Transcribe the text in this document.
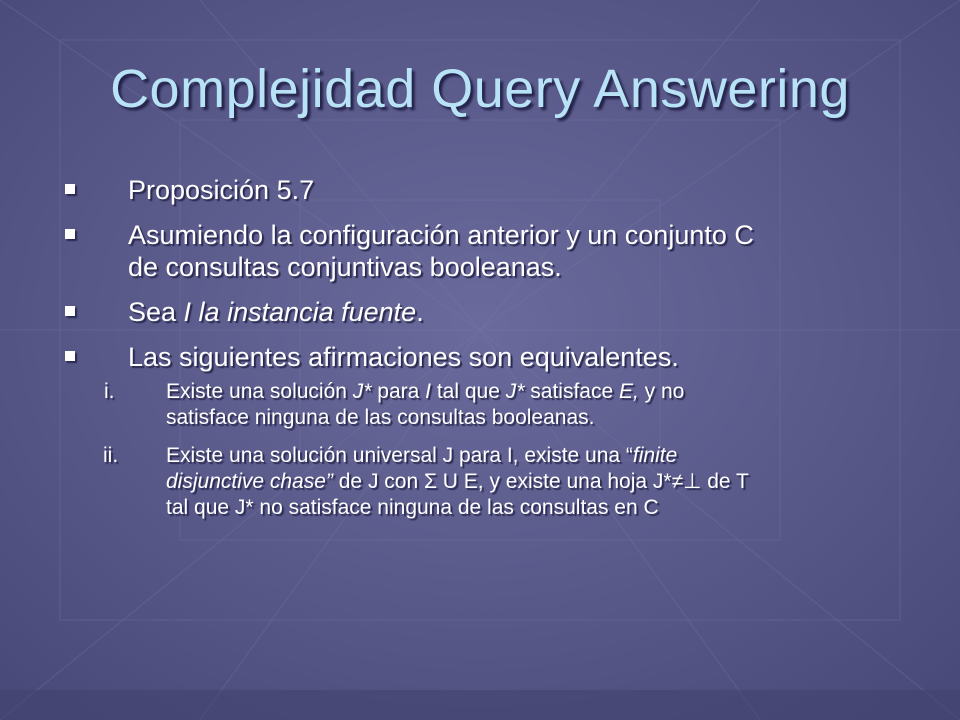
Complejidad Query Answering
Proposición 5.7
Asumiendo la configuración anterior y un conjunto C
de consultas conjuntivas booleanas.
Sea I la instancia fuente.
Las siguientes afirmaciones son equivalentes.
i.	Existe una solución J* para I tal que J* satisface E, y no
satisface ninguna de las consultas booleanas.
ii.	Existe una solución universal J para I, existe una “finite
disjunctive chase” de J con Σ U E, y existe una hoja J*≠⊥ de T
tal que J* no satisface ninguna de las consultas en C
